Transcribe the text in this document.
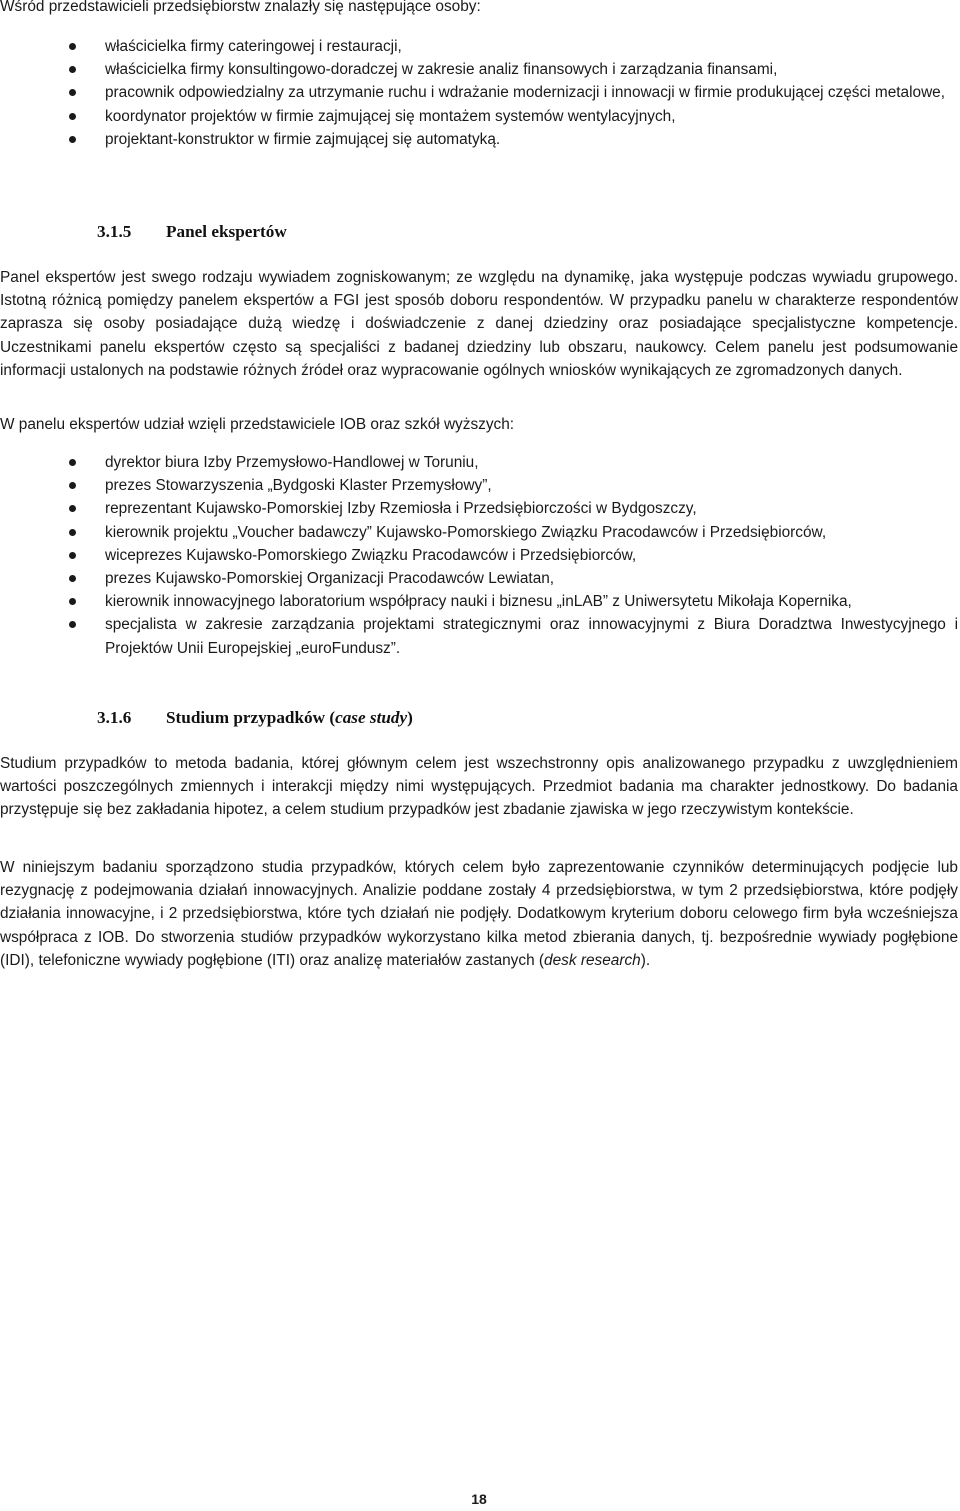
Wśród przedstawicieli przedsiębiorstw znalazły się następujące osoby:

właścicielka firmy cateringowej i restauracji,
właścicielka firmy konsultingowo-doradczej w zakresie analiz finansowych i zarządzania finansami,
pracownik odpowiedzialny za utrzymanie ruchu i wdrażanie modernizacji i innowacji w firmie produkującej części metalowe,
koordynator projektów w firmie zajmującej się montażem systemów wentylacyjnych,
projektant-konstruktor w firmie zajmującej się automatyką.
3.1.5 Panel ekspertów

Panel ekspertów jest swego rodzaju wywiadem zogniskowanym; ze względu na dynamikę, jaka występuje podczas wywiadu grupowego. Istotną różnicą pomiędzy panelem ekspertów a FGI jest sposób doboru respondentów. W przypadku panelu w charakterze respondentów zaprasza się osoby posiadające dużą wiedzę i doświadczenie z danej dziedziny oraz posiadające specjalistyczne kompetencje. Uczestnikami panelu ekspertów często są specjaliści z badanej dziedziny lub obszaru, naukowcy. Celem panelu jest podsumowanie informacji ustalonych na podstawie różnych źródeł oraz wypracowanie ogólnych wniosków wynikających ze zgromadzonych danych.

W panelu ekspertów udział wzięli przedstawiciele IOB oraz szkół wyższych:

dyrektor biura Izby Przemysłowo-Handlowej w Toruniu,
prezes Stowarzyszenia „Bydgoski Klaster Przemysłowy”,
reprezentant Kujawsko-Pomorskiej Izby Rzemiosła i Przedsiębiorczości w Bydgoszczy,
kierownik projektu „Voucher badawczy” Kujawsko-Pomorskiego Związku Pracodawców i Przedsiębiorców,
wiceprezes Kujawsko-Pomorskiego Związku Pracodawców i Przedsiębiorców,
prezes Kujawsko-Pomorskiej Organizacji Pracodawców Lewiatan,
kierownik innowacyjnego laboratorium współpracy nauki i biznesu „inLAB” z Uniwersytetu Mikołaja Kopernika,
specjalista w zakresie zarządzania projektami strategicznymi oraz innowacyjnymi z Biura Doradztwa Inwestycyjnego i Projektów Unii Europejskiej „euroFundusz”.
3.1.6 Studium przypadków (case study)

Studium przypadków to metoda badania, której głównym celem jest wszechstronny opis analizowanego przypadku z uwzględnieniem wartości poszczególnych zmiennych i interakcji między nimi występujących. Przedmiot badania ma charakter jednostkowy. Do badania przystępuje się bez zakładania hipotez, a celem studium przypadków jest zbadanie zjawiska w jego rzeczywistym kontekście.

W niniejszym badaniu sporządzono studia przypadków, których celem było zaprezentowanie czynników determinujących podjęcie lub rezygnację z podejmowania działań innowacyjnych. Analizie poddane zostały 4 przedsiębiorstwa, w tym 2 przedsiębiorstwa, które podjęły działania innowacyjne, i 2 przedsiębiorstwa, które tych działań nie podjęły. Dodatkowym kryterium doboru celowego firm była wcześniejsza współpraca z IOB. Do stworzenia studiów przypadków wykorzystano kilka metod zbierania danych, tj. bezpośrednie wywiady pogłębione (IDI), telefoniczne wywiady pogłębione (ITI) oraz analizę materiałów zastanych (desk research).

18
